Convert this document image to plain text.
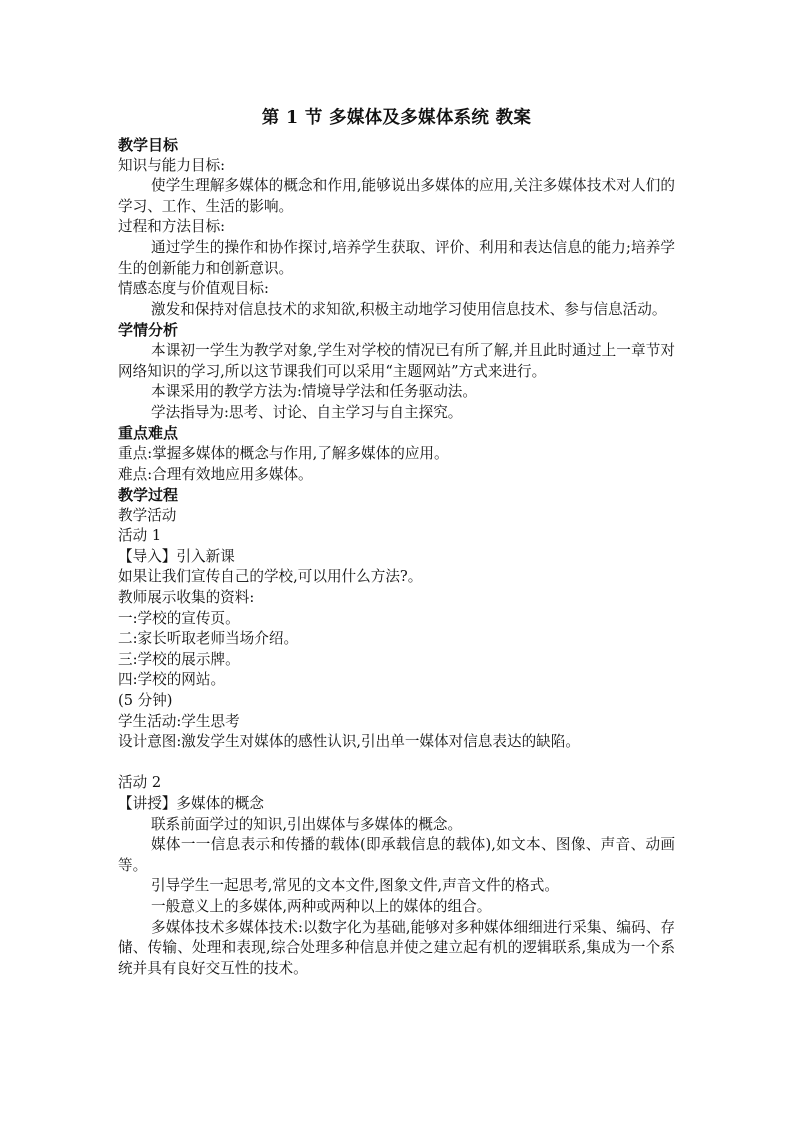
第 1 节 多媒体及多媒体系统 教案

教学目标

知识与能力目标:

使学生理解多媒体的概念和作用,能够说出多媒体的应用,关注多媒体技术对人们的学习、工作、生活的影响。

过程和方法目标:

通过学生的操作和协作探讨,培养学生获取、评价、利用和表达信息的能力;培养学生的创新能力和创新意识。

情感态度与价值观目标:

激发和保持对信息技术的求知欲,积极主动地学习使用信息技术、参与信息活动。

学情分析

本课初一学生为教学对象,学生对学校的情况已有所了解,并且此时通过上一章节对网络知识的学习,所以这节课我们可以采用“主题网站”方式来进行。

本课采用的教学方法为:情境导学法和任务驱动法。

学法指导为:思考、讨论、自主学习与自主探究。

重点难点

重点:掌握多媒体的概念与作用,了解多媒体的应用。

难点:合理有效地应用多媒体。

教学过程

教学活动

活动 1

【导入】引入新课

如果让我们宣传自己的学校,可以用什么方法?。

教师展示收集的资料:

一:学校的宣传页。

二:家长听取老师当场介绍。

三:学校的展示牌。

四:学校的网站。

(5 分钟)

学生活动:学生思考

设计意图:激发学生对媒体的感性认识,引出单一媒体对信息表达的缺陷。

活动 2

【讲授】多媒体的概念

联系前面学过的知识,引出媒体与多媒体的概念。

媒体一一信息表示和传播的载体(即承载信息的载体),如文本、图像、声音、动画等。

引导学生一起思考,常见的文本文件,图象文件,声音文件的格式。

一般意义上的多媒体,两种或两种以上的媒体的组合。

多媒体技术多媒体技术:以数字化为基础,能够对多种媒体细细进行采集、编码、存储、传输、处理和表现,综合处理多种信息并使之建立起有机的逻辑联系,集成为一个系统并具有良好交互性的技术。
